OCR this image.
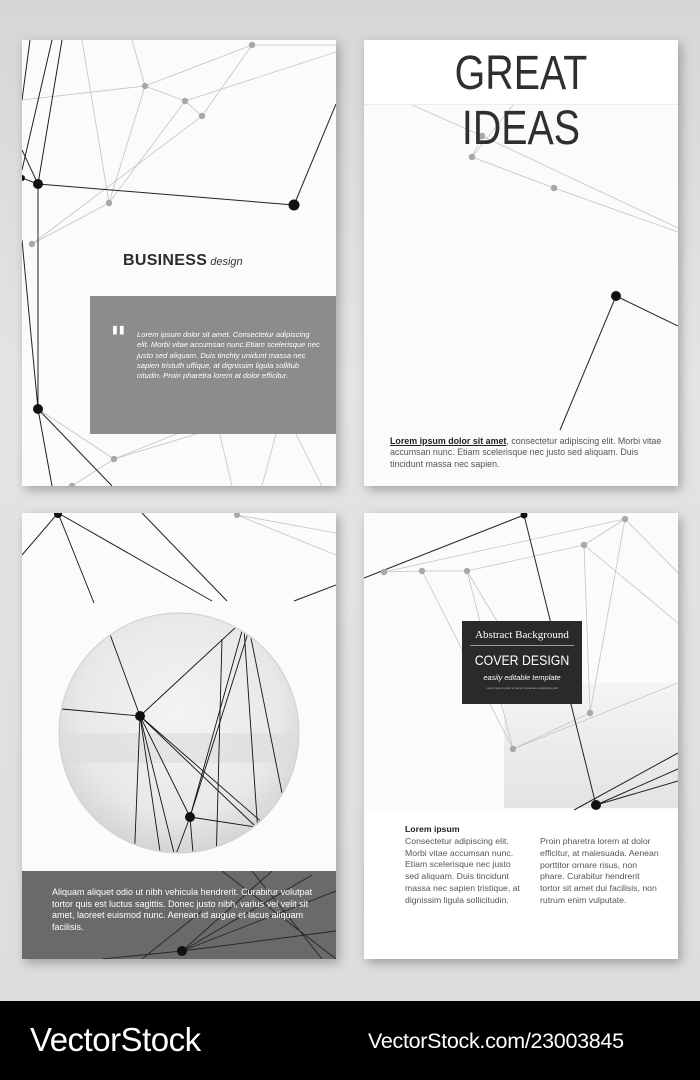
BUSINESS design
" Lorem ipsum dolor sit amet. Consectetur adipiscing elit. Morbi vitae accumsan nunc.Etiam scelerisque nec justo sed aliquam. Duis tinchty unidunt massa nec sapien tristuth uffique, at dignissim ligula sollitub citudin. Proin pharetra lorem at dolor efficitur.
GREAT IDEAS
Lorem ipsum dolor sit amet, consectetur adipiscing elit. Morbi vitae accumsan nunc. Etiam scelerisque nec justo sed aliquam. Duis tincidunt massa nec sapien.
Aliquam aliquet odio ut nibh vehicula hendrerit. Curabitur volutpat tortor quis est luctus sagittis. Donec justo nibh, varius vel velit sit amet, laoreet euismod nunc. Aenean id augue et lacus aliquam facilisis.
Abstract Background
COVER DESIGN
easily editable template
Lorem ipsum dolor sit amet consectetur adipiscing elit
Lorem ipsum
Consectetur adipiscing elit. Morbi vitae accumsan nunc. Etiam scelerisque nec justo sed aliquam. Duis tincidunt massa nec sapien tristique, at dignissim ligula sollicitudin.
Proin pharetra lorem at dolor efficitur, at malesuada. Aenean porttitor ornare risus, non phare. Curabitur hendrerit tortor sit amet dui facilisis, non rutrum enim vulputate.
VectorStock	VectorStock.com/23003845
